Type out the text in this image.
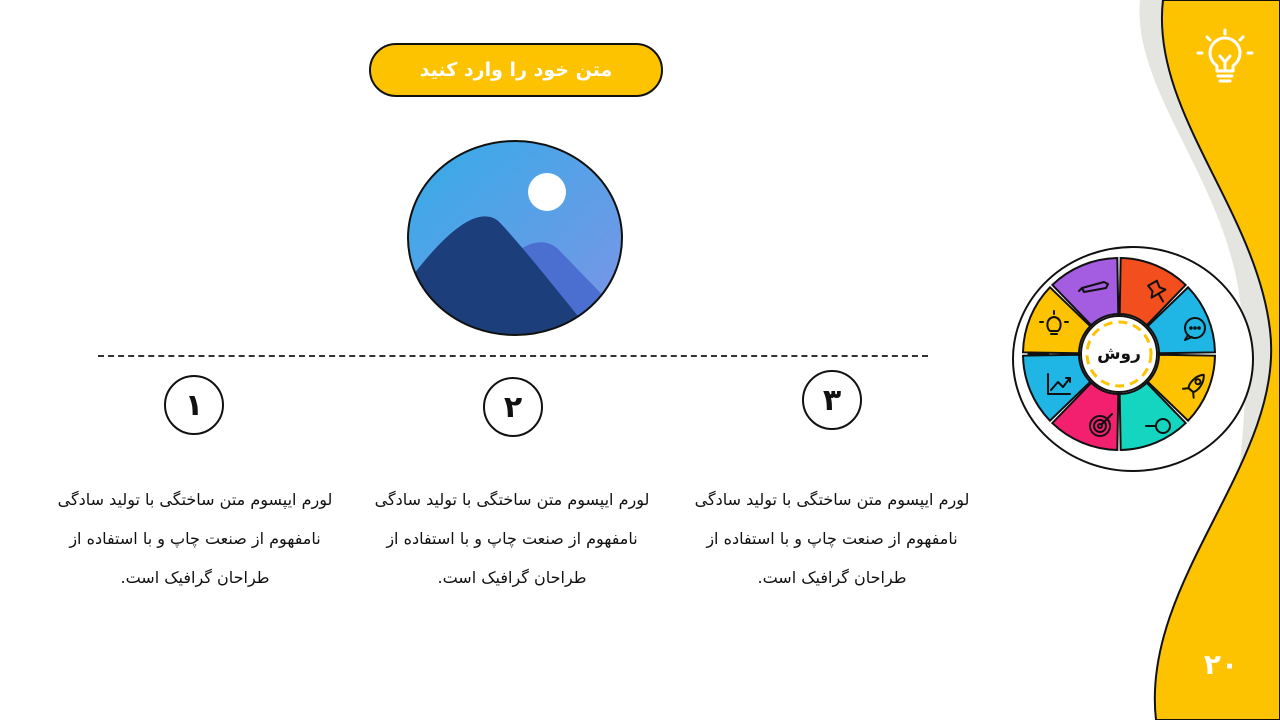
متن خود را وارد کنید
۱	۲	۳
لورم ایپسوم متن ساختگی با تولید سادگی نامفهوم از صنعت چاپ و با استفاده از طراحان گرافیک است.
لورم ایپسوم متن ساختگی با تولید سادگی نامفهوم از صنعت چاپ و با استفاده از طراحان گرافیک است.
لورم ایپسوم متن ساختگی با تولید سادگی نامفهوم از صنعت چاپ و با استفاده از طراحان گرافیک است.
روش
۲۰
